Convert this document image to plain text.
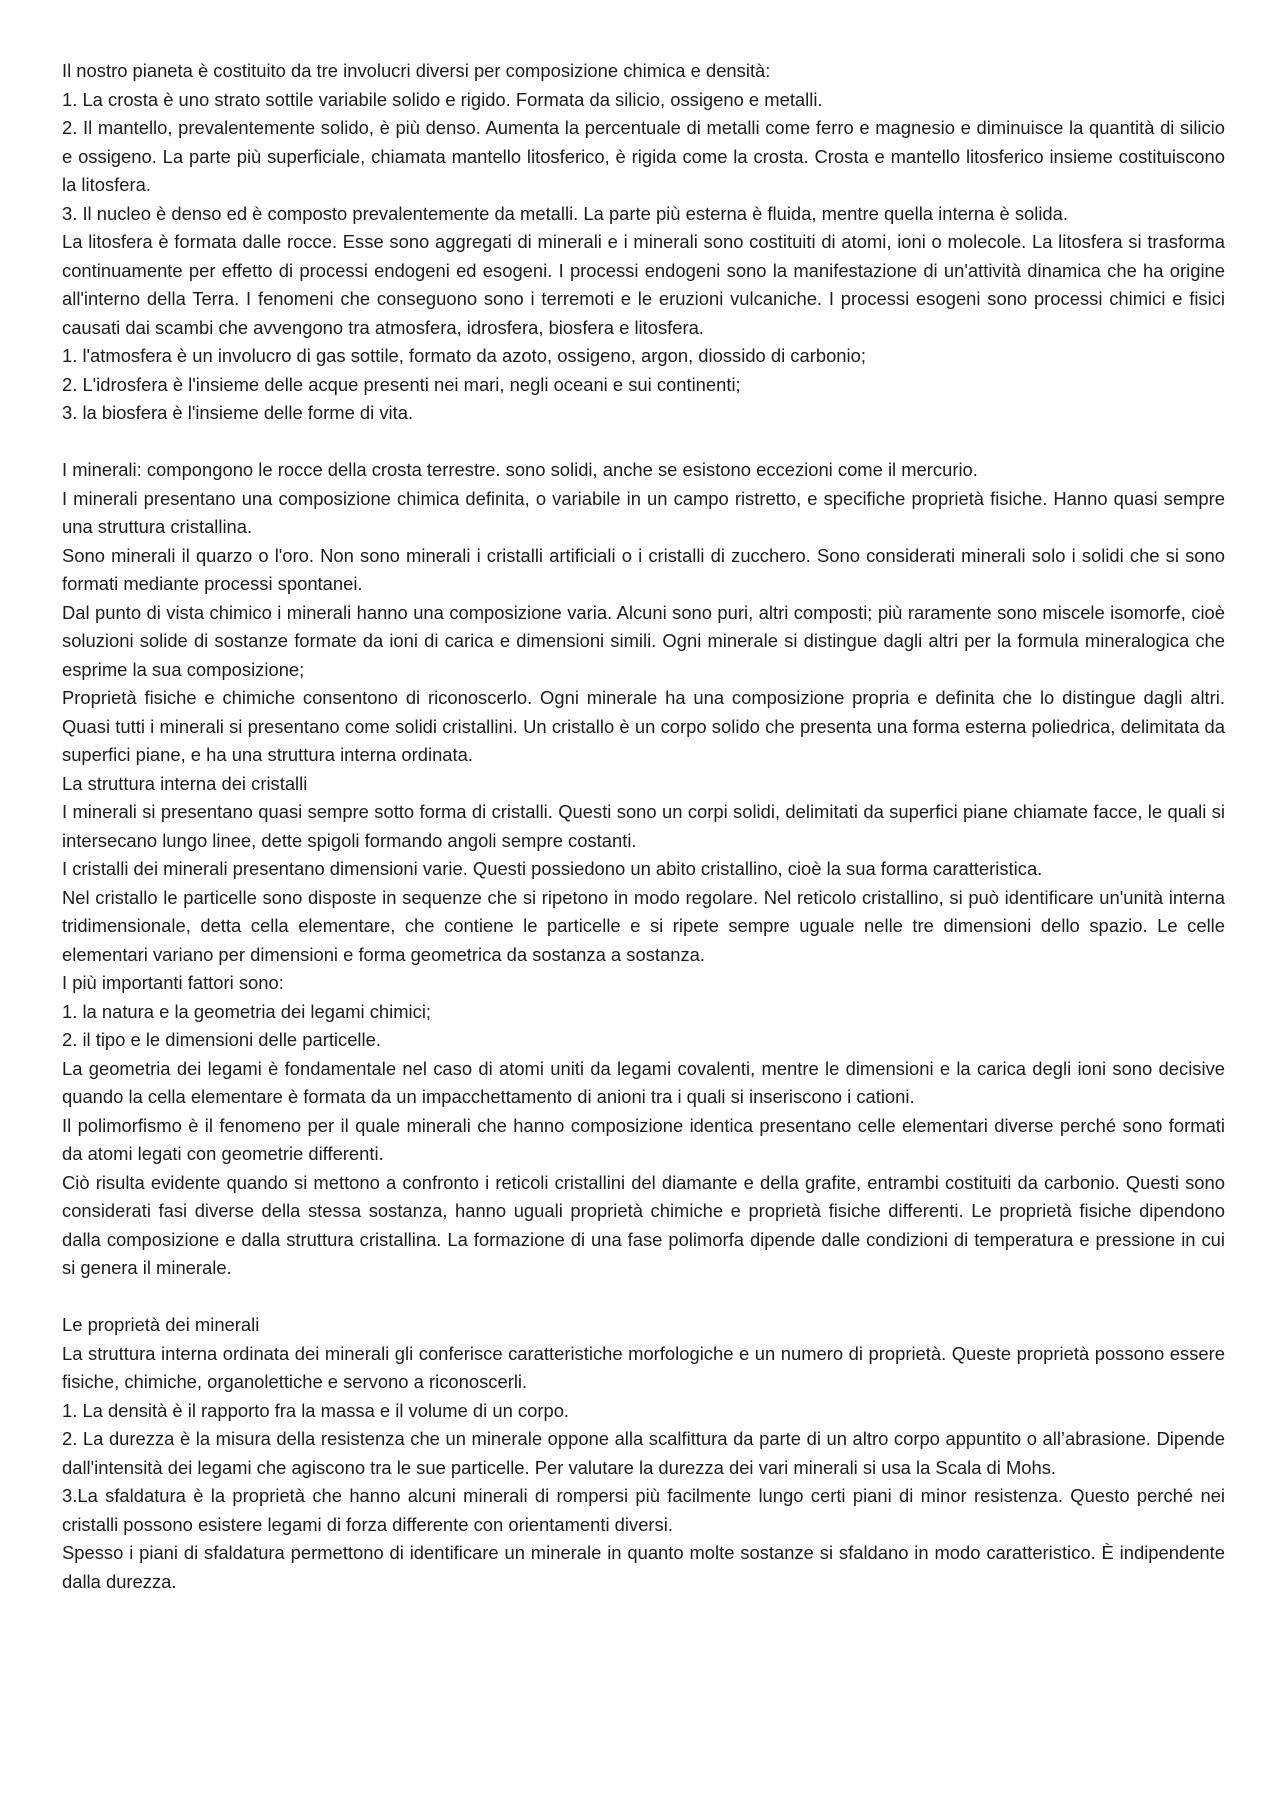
Il nostro pianeta è costituito da tre involucri diversi per composizione chimica e densità:

1. La crosta è uno strato sottile variabile solido e rigido. Formata da silicio, ossigeno e metalli.

2. Il mantello, prevalentemente solido, è più denso. Aumenta la percentuale di metalli come ferro e magnesio e diminuisce la quantità di silicio e ossigeno. La parte più superficiale, chiamata mantello litosferico, è rigida come la crosta. Crosta e mantello litosferico insieme costituiscono la litosfera.

3. Il nucleo è denso ed è composto prevalentemente da metalli. La parte più esterna è fluida, mentre quella interna è solida.

La litosfera è formata dalle rocce. Esse sono aggregati di minerali e i minerali sono costituiti di atomi, ioni o molecole. La litosfera si trasforma continuamente per effetto di processi endogeni ed esogeni. I processi endogeni sono la manifestazione di un'attività dinamica che ha origine all'interno della Terra. I fenomeni che conseguono sono i terremoti e le eruzioni vulcaniche. I processi esogeni sono processi chimici e fisici causati dai scambi che avvengono tra atmosfera, idrosfera, biosfera e litosfera.

1. l'atmosfera è un involucro di gas sottile, formato da azoto, ossigeno, argon, diossido di carbonio;

2. L'idrosfera è l'insieme delle acque presenti nei mari, negli oceani e sui continenti;

3. la biosfera è l'insieme delle forme di vita.

I minerali: compongono le rocce della crosta terrestre. sono solidi, anche se esistono eccezioni come il mercurio.

I minerali presentano una composizione chimica definita, o variabile in un campo ristretto, e specifiche proprietà fisiche. Hanno quasi sempre una struttura cristallina.

Sono minerali il quarzo o l'oro. Non sono minerali i cristalli artificiali o i cristalli di zucchero. Sono considerati minerali solo i solidi che si sono formati mediante processi spontanei.

Dal punto di vista chimico i minerali hanno una composizione varia. Alcuni sono puri, altri composti; più raramente sono miscele isomorfe, cioè soluzioni solide di sostanze formate da ioni di carica e dimensioni simili. Ogni minerale si distingue dagli altri per la formula mineralogica che esprime la sua composizione;

Proprietà fisiche e chimiche consentono di riconoscerlo. Ogni minerale ha una composizione propria e definita che lo distingue dagli altri. Quasi tutti i minerali si presentano come solidi cristallini. Un cristallo è un corpo solido che presenta una forma esterna poliedrica, delimitata da superfici piane, e ha una struttura interna ordinata.

La struttura interna dei cristalli

I minerali si presentano quasi sempre sotto forma di cristalli. Questi sono un corpi solidi, delimitati da superfici piane chiamate facce, le quali si intersecano lungo linee, dette spigoli formando angoli sempre costanti.

I cristalli dei minerali presentano dimensioni varie. Questi possiedono un abito cristallino, cioè la sua forma caratteristica.

Nel cristallo le particelle sono disposte in sequenze che si ripetono in modo regolare. Nel reticolo cristallino, si può identificare un'unità interna tridimensionale, detta cella elementare, che contiene le particelle e si ripete sempre uguale nelle tre dimensioni dello spazio. Le celle elementari variano per dimensioni e forma geometrica da sostanza a sostanza.

I più importanti fattori sono:

1. la natura e la geometria dei legami chimici;

2. il tipo e le dimensioni delle particelle.

La geometria dei legami è fondamentale nel caso di atomi uniti da legami covalenti, mentre le dimensioni e la carica degli ioni sono decisive quando la cella elementare è formata da un impacchettamento di anioni tra i quali si inseriscono i cationi.

Il polimorfismo è il fenomeno per il quale minerali che hanno composizione identica presentano celle elementari diverse perché sono formati da atomi legati con geometrie differenti.

Ciò risulta evidente quando si mettono a confronto i reticoli cristallini del diamante e della grafite, entrambi costituiti da carbonio. Questi sono considerati fasi diverse della stessa sostanza, hanno uguali proprietà chimiche e proprietà fisiche differenti. Le proprietà fisiche dipendono dalla composizione e dalla struttura cristallina. La formazione di una fase polimorfa dipende dalle condizioni di temperatura e pressione in cui si genera il minerale.

Le proprietà dei minerali

La struttura interna ordinata dei minerali gli conferisce caratteristiche morfologiche e un numero di proprietà. Queste proprietà possono essere fisiche, chimiche, organolettiche e servono a riconoscerli.

1. La densità è il rapporto fra la massa e il volume di un corpo.

2. La durezza è la misura della resistenza che un minerale oppone alla scalfittura da parte di un altro corpo appuntito o all’abrasione. Dipende dall'intensità dei legami che agiscono tra le sue particelle. Per valutare la durezza dei vari minerali si usa la Scala di Mohs.

3.La sfaldatura è la proprietà che hanno alcuni minerali di rompersi più facilmente lungo certi piani di minor resistenza. Questo perché nei cristalli possono esistere legami di forza differente con orientamenti diversi.

Spesso i piani di sfaldatura permettono di identificare un minerale in quanto molte sostanze si sfaldano in modo caratteristico. È indipendente dalla durezza.
